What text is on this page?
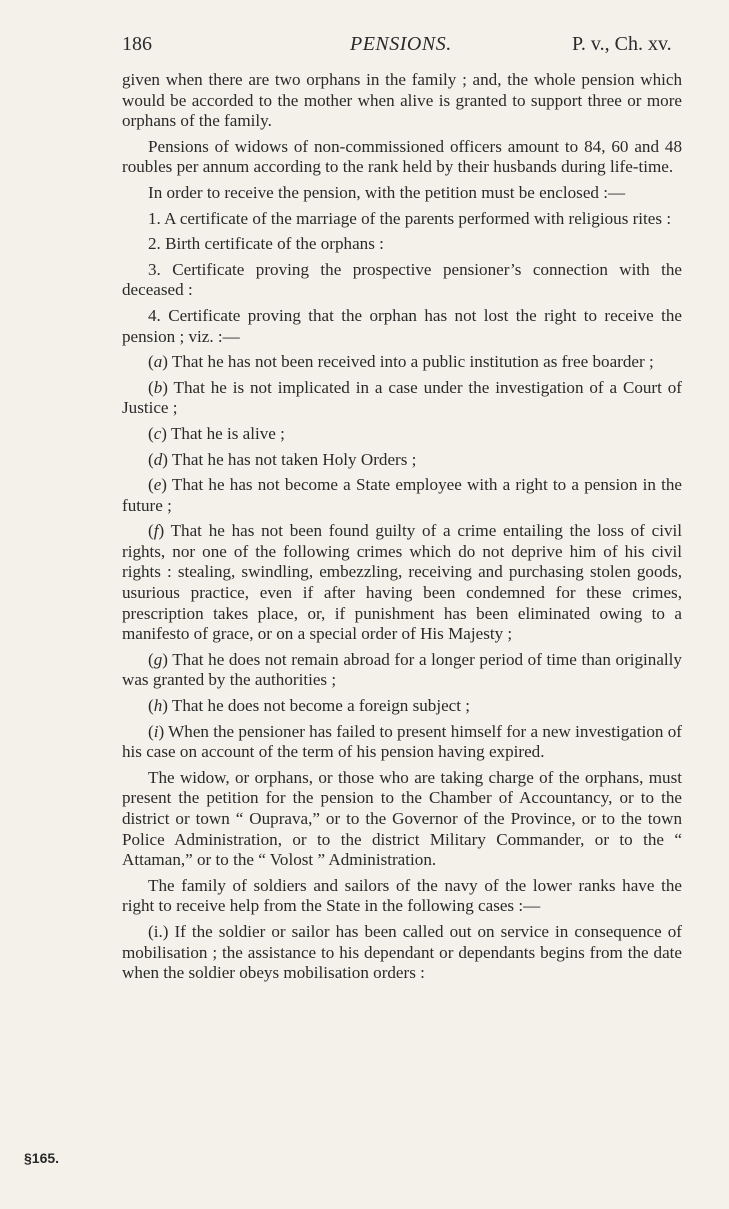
186	PENSIONS.	P. v., Ch. xv.

given when there are two orphans in the family ; and, the whole pension which would be accorded to the mother when alive is granted to support three or more orphans of the family.

Pensions of widows of non-commissioned officers amount to 84, 60 and 48 roubles per annum according to the rank held by their husbands during life-time.

In order to receive the pension, with the petition must be enclosed :—

1. A certificate of the marriage of the parents performed with religious rites :

2. Birth certificate of the orphans :

3. Certificate proving the prospective pensioner’s connection with the deceased :

4. Certificate proving that the orphan has not lost the right to receive the pension ; viz. :—

(a) That he has not been received into a public institution as free boarder ;

(b) That he is not implicated in a case under the investigation of a Court of Justice ;

(c) That he is alive ;

(d) That he has not taken Holy Orders ;

(e) That he has not become a State employee with a right to a pension in the future ;

(f) That he has not been found guilty of a crime entailing the loss of civil rights, nor one of the following crimes which do not deprive him of his civil rights : stealing, swindling, embezzling, receiving and purchasing stolen goods, usurious practice, even if after having been condemned for these crimes, prescription takes place, or, if punishment has been eliminated owing to a manifesto of grace, or on a special order of His Majesty ;

(g) That he does not remain abroad for a longer period of time than originally was granted by the authorities ;

(h) That he does not become a foreign subject ;

(i) When the pensioner has failed to present himself for a new investigation of his case on account of the term of his pension having expired.

The widow, or orphans, or those who are taking charge of the orphans, must present the petition for the pension to the Chamber of Accountancy, or to the district or town “ Ouprava,” or to the Governor of the Province, or to the town Police Administration, or to the district Military Commander, or to the “ Attaman,” or to the “ Volost ” Administration.

The family of soldiers and sailors of the navy of the lower ranks have the right to receive help from the State in the following cases :—

(i.) If the soldier or sailor has been called out on service in consequence of mobilisation ; the assistance to his dependant or dependants begins from the date when the soldier obeys mobilisation orders :

§165.
